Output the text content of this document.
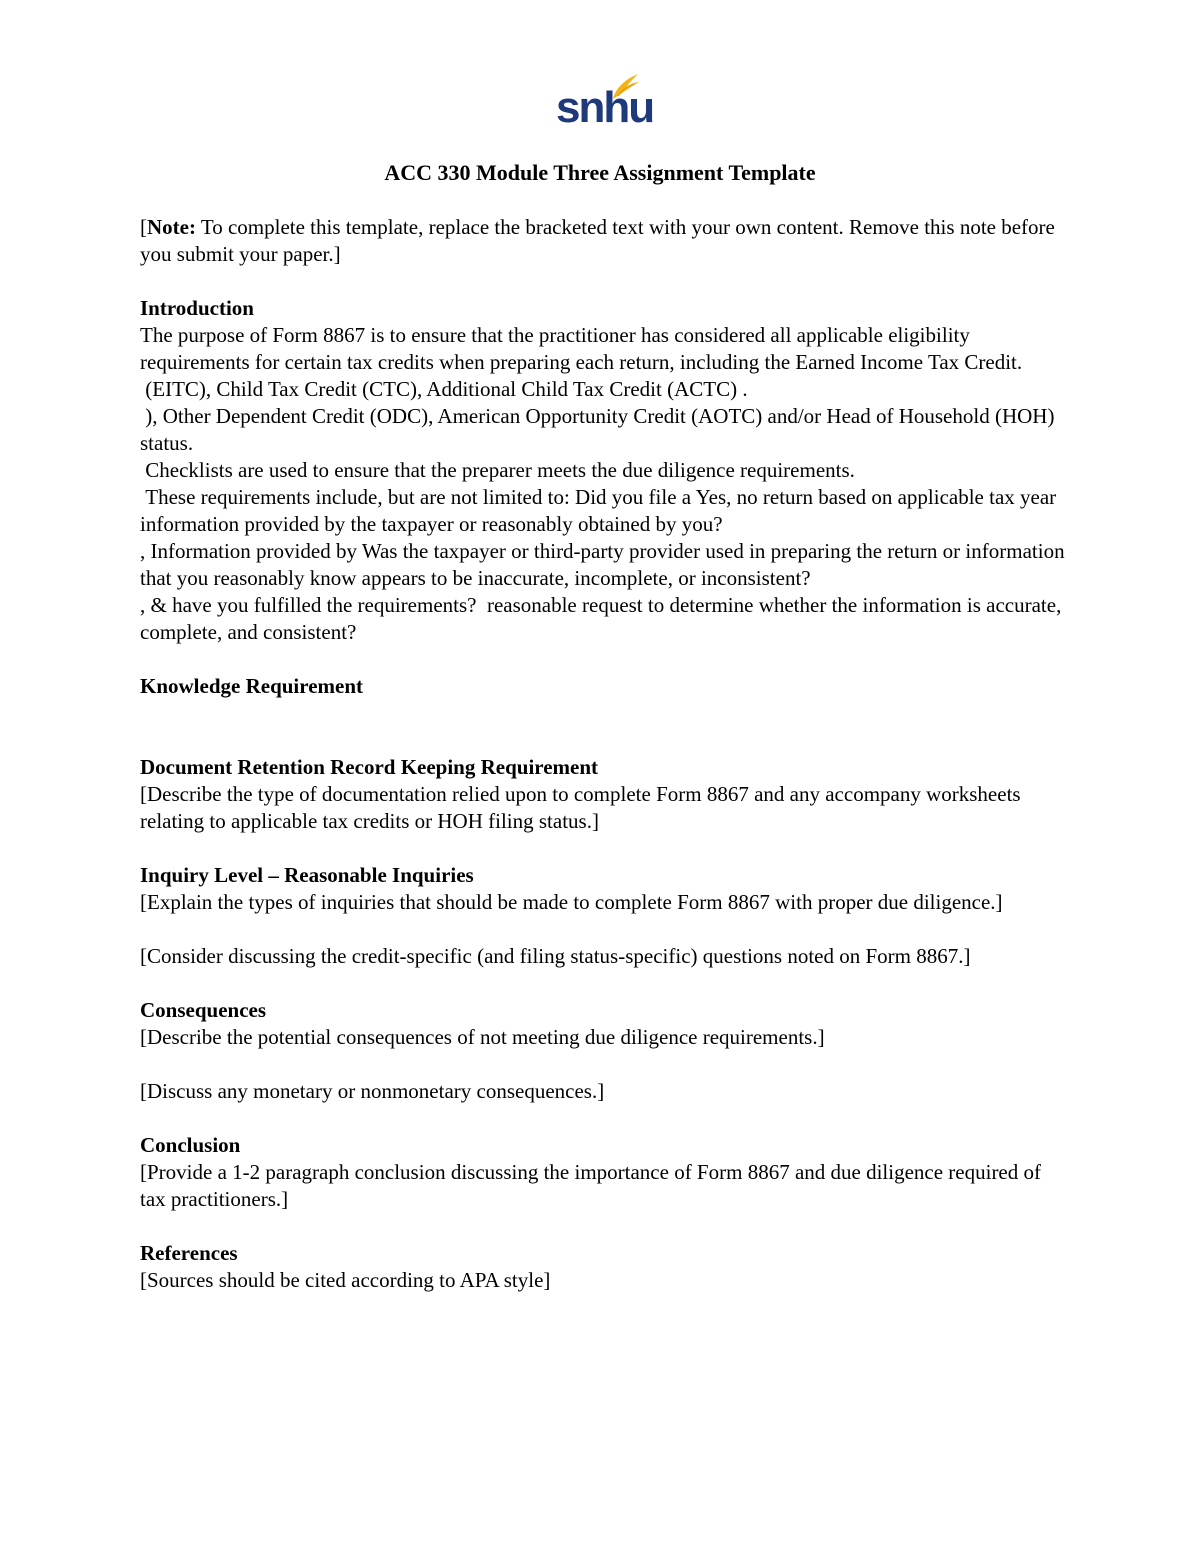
snhu
ACC 330 Module Three Assignment Template

[Note: To complete this template, replace the bracketed text with your own content. Remove this note before you submit your paper.]

Introduction

The purpose of Form 8867 is to ensure that the practitioner has considered all applicable eligibility requirements for certain tax credits when preparing each return, including the Earned Income Tax Credit.

(EITC), Child Tax Credit (CTC), Additional Child Tax Credit (ACTC) .

), Other Dependent Credit (ODC), American Opportunity Credit (AOTC) and/or Head of Household (HOH) status.

Checklists are used to ensure that the preparer meets the due diligence requirements.

These requirements include, but are not limited to: Did you file a Yes, no return based on applicable tax year information provided by the taxpayer or reasonably obtained by you?

, Information provided by Was the taxpayer or third-party provider used in preparing the return or information that you reasonably know appears to be inaccurate, incomplete, or inconsistent?

, & have you fulfilled the requirements?  reasonable request to determine whether the information is accurate, complete, and consistent?

Knowledge Requirement

Document Retention Record Keeping Requirement

[Describe the type of documentation relied upon to complete Form 8867 and any accompany worksheets relating to applicable tax credits or HOH filing status.]

Inquiry Level – Reasonable Inquiries

[Explain the types of inquiries that should be made to complete Form 8867 with proper due diligence.]

[Consider discussing the credit-specific (and filing status-specific) questions noted on Form 8867.]

Consequences

[Describe the potential consequences of not meeting due diligence requirements.]

[Discuss any monetary or nonmonetary consequences.]

Conclusion

[Provide a 1-2 paragraph conclusion discussing the importance of Form 8867 and due diligence required of tax practitioners.]

References

[Sources should be cited according to APA style]
